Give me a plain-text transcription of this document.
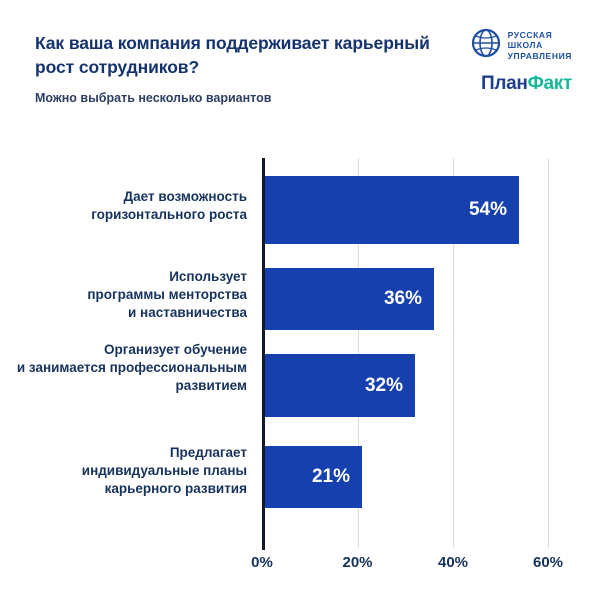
Как ваша компания поддерживает карьерный рост сотрудников?
Можно выбрать несколько вариантов
РУССКАЯ
ШКОЛА
УПРАВЛЕНИЯ
ПланФакт
54%
Дает возможность
горизонтального роста
36%
Использует
программы менторства
и наставничества
32%
Организует обучение
и занимается профессиональным
развитием
21%
Предлагает
индивидуальные планы
карьерного развития
0%	20%	40%	60%
